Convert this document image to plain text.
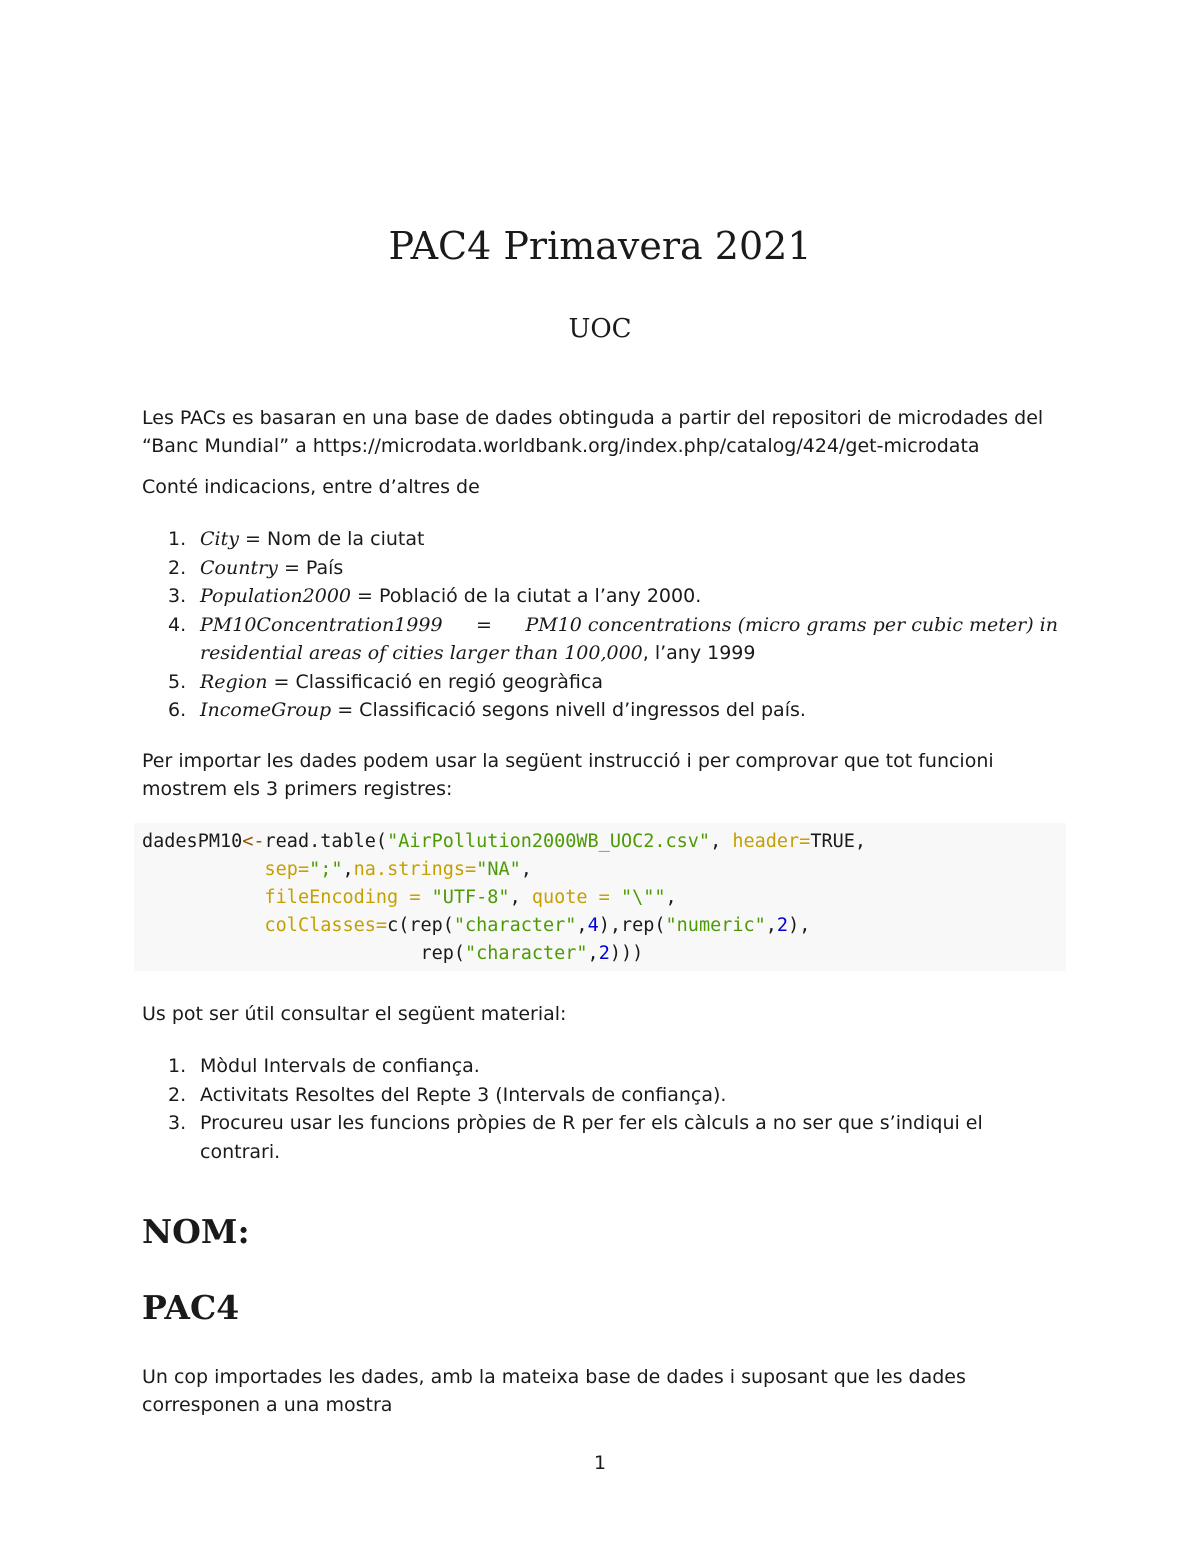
PAC4 Primavera 2021
UOC

Les PACs es basaran en una base de dades obtinguda a partir del repositori de microdades del

“Banc Mundial” a https://microdata.worldbank.org/index.php/catalog/424/get-microdata

Conté indicacions, entre d’altres de

1. City = Nom de la ciutat
2. Country = País
3. Population2000 = Població de la ciutat a l’any 2000.
4. PM10Concentration1999 = PM10 concentrations (micro grams per cubic meter) in
residential areas of cities larger than 100,000, l’any 1999
5. Region = Classificació en regió geogràfica
6. IncomeGroup = Classificació segons nivell d’ingressos del país.

Per importar les dades podem usar la següent instrucció i per comprovar que tot funcioni

mostrem els 3 primers registres:

dadesPM10<-read.table("AirPollution2000WB_UOC2.csv", header=TRUE,
sep=";",na.strings="NA",
fileEncoding = "UTF-8", quote = "\"",
colClasses=c(rep("character",4),rep("numeric",2),
rep("character",2)))

Us pot ser útil consultar el següent material:

1. Mòdul Intervals de confiança.
2. Activitats Resoltes del Repte 3 (Intervals de confiança).
3. Procureu usar les funcions pròpies de R per fer els càlculs a no ser que s’indiqui el
contrari.
NOM:
PAC4

Un cop importades les dades, amb la mateixa base de dades i suposant que les dades

corresponen a una mostra

1
